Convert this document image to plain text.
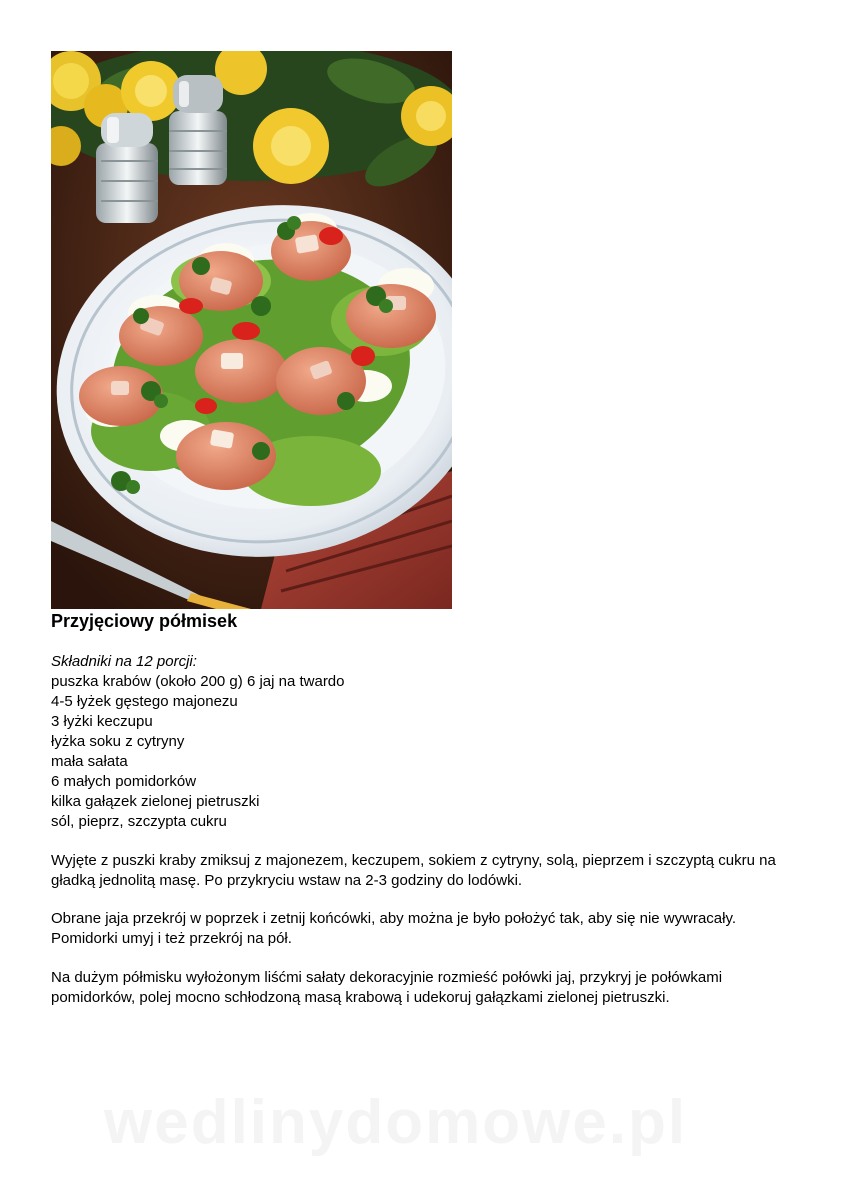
Przyjęciowy półmisek
Składniki na 12 porcji:
puszka krabów (około 200 g) 6 jaj na twardo
4-5 łyżek gęstego majonezu
3 łyżki keczupu
łyżka soku z cytryny
mała sałata
6 małych pomidorków
kilka gałązek zielonej pietruszki
sól, pieprz, szczypta cukru
Wyjęte z puszki kraby zmiksuj z majonezem, keczupem, sokiem z cytryny, solą, pieprzem i szczyptą cukru na gładką jednolitą masę. Po przykryciu wstaw na 2-3 godziny do lodówki.
Obrane jaja przekrój w poprzek i zetnij końcówki, aby można je było położyć tak, aby się nie wywracały. Pomidorki umyj i też przekrój na pół.
Na dużym półmisku wyłożonym liśćmi sałaty dekoracyjnie rozmieść połówki jaj, przykryj je połówkami pomidorków, polej mocno schłodzoną masą krabową i udekoruj gałązkami zielonej pietruszki.
wedlinydomowe.pl
